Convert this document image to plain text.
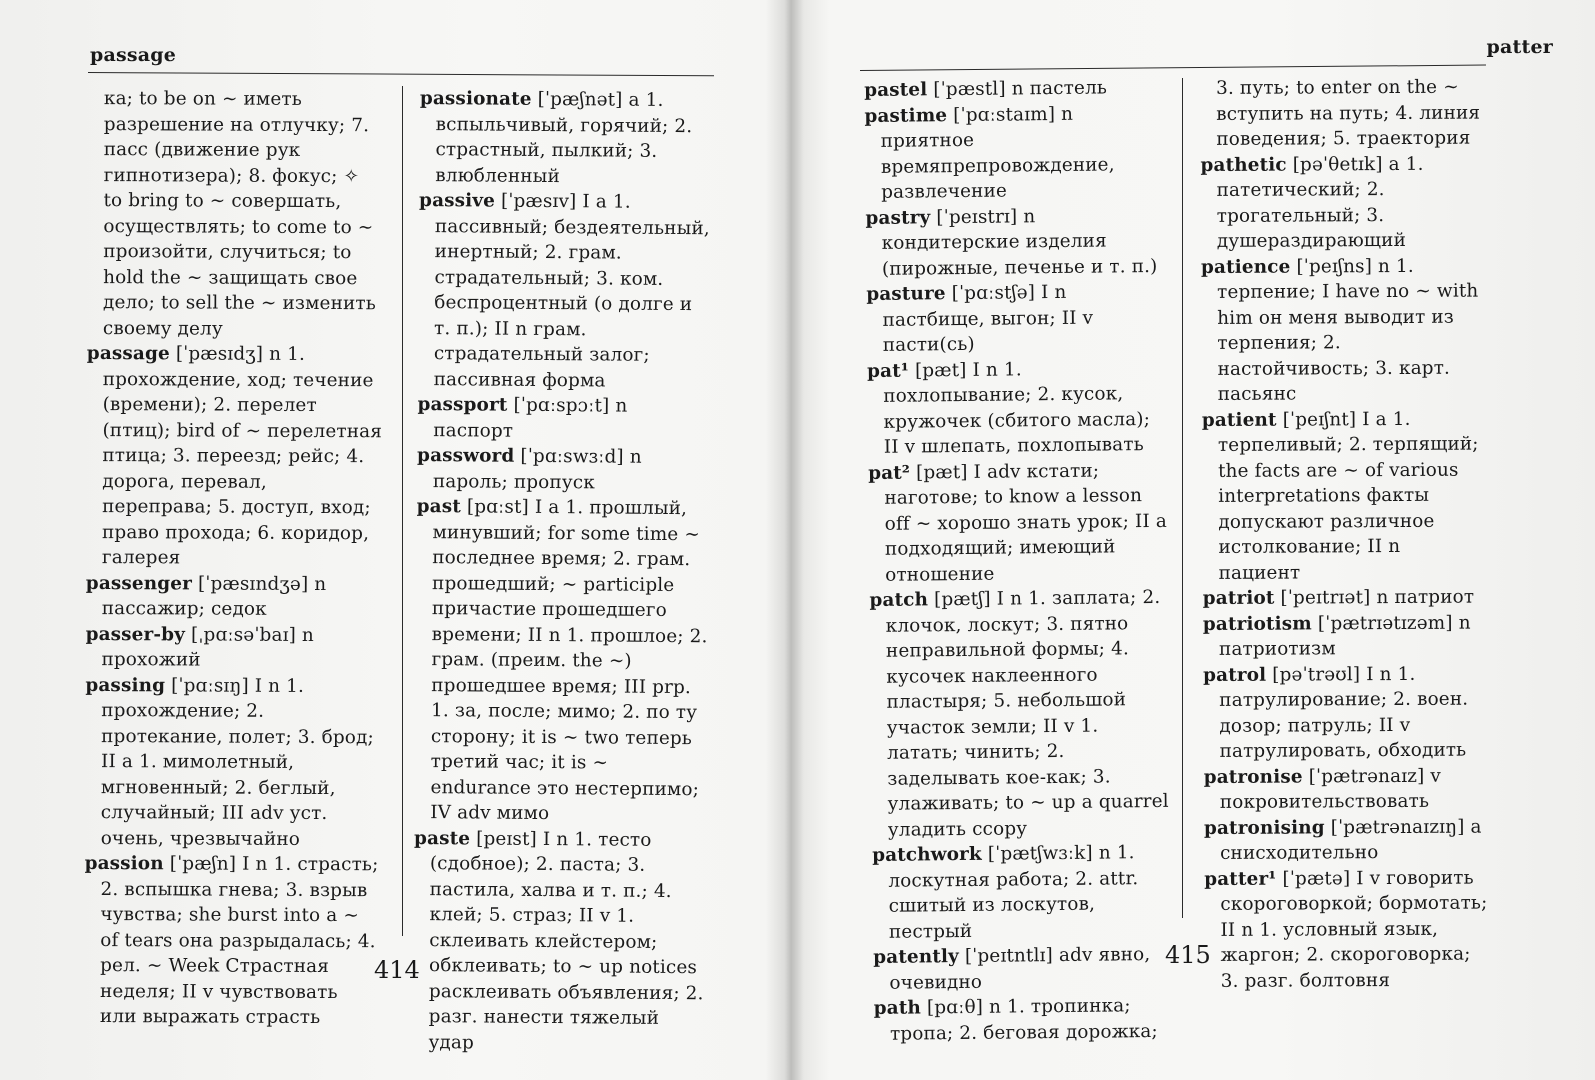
passage

ка; to be on ~ иметь разрешение на отлучку; 7. пасс (движение рук гипнотизера); 8. фокус; ✧ to bring to ~ совершать, осуществлять; to come to ~ произойти, случиться; to hold the ~ защищать свое дело; to sell the ~ изменить своему делу

passage [ˈpæsɪdʒ] n 1. прохождение, ход; течение (времени); 2. перелет (птиц); bird of ~ перелетная птица; 3. переезд; рейс; 4. дорога, перевал, переправа; 5. доступ, вход; право прохода; 6. коридор, галерея

passenger [ˈpæsɪndʒə] n пассажир; седок

passer-by [ˌpɑːsəˈbaɪ] n прохожий

passing [ˈpɑːsɪŋ] I n 1. прохождение; 2. протекание, полет; 3. брод; II a 1. мимолетный, мгновенный; 2. беглый, случайный; III adv уст. очень, чрезвычайно

passion [ˈpæʃn] I n 1. страсть; 2. вспышка гнева; 3. взрыв чувства; she burst into a ~ of tears она разрыдалась; 4. рел. ~ Week Страстная неделя; II v чувствовать или выражать страсть

passionate [ˈpæʃnət] a 1. вспыльчивый, горячий; 2. страстный, пылкий; 3. влюбленный

passive [ˈpæsɪv] I a 1. пассивный; бездеятельный, инертный; 2. грам. страдательный; 3. ком. беспроцентный (о долге и т. п.); II n грам. страдательный залог; пассивная форма

passport [ˈpɑːspɔːt] n паспорт

password [ˈpɑːswɜːd] n пароль; пропуск

past [pɑːst] I a 1. прошлый, минувший; for some time ~ последнее время; 2. грам. прошедший; ~ participle причастие прошедшего времени; II n 1. прошлое; 2. грам. (преим. the ~) прошедшее время; III prp. 1. за, после; мимо; 2. по ту сторону; it is ~ two теперь третий час; it is ~ endurance это нестерпимо; IV adv мимо

paste [peɪst] I n 1. тесто (сдобное); 2. паста; 3. пастила, халва и т. п.; 4. клей; 5. страз; II v 1. склеивать клейстером; обклеивать; to ~ up notices расклеивать объявления; 2. разг. нанести тяжелый удар

414
patter

pastel [ˈpæstl] n пастель

pastime [ˈpɑːstaɪm] n приятное времяпрепровождение, развлечение

pastry [ˈpeɪstrɪ] n кондитерские изделия (пирожные, печенье и т. п.)

pasture [ˈpɑːstʃə] I n пастбище, выгон; II v пасти(сь)

pat¹ [pæt] I n 1. похлопывание; 2. кусок, кружочек (сбитого масла); II v шлепать, похлопывать

pat² [pæt] I adv кстати; наготове; to know a lesson off ~ хорошо знать урок; II a подходящий; имеющий отношение

patch [pætʃ] I n 1. заплата; 2. клочок, лоскут; 3. пятно неправильной формы; 4. кусочек наклеенного пластыря; 5. небольшой участок земли; II v 1. латать; чинить; 2. заделывать кое-как; 3. улаживать; to ~ up a quarrel уладить ссору

patchwork [ˈpætʃwɜːk] n 1. лоскутная работа; 2. attr. сшитый из лоскутов, пестрый

patently [ˈpeɪtntlɪ] adv явно, очевидно

path [pɑːθ] n 1. тропинка; тропа; 2. беговая дорожка;

3. путь; to enter on the ~ вступить на путь; 4. линия поведения; 5. траектория

pathetic [pəˈθetɪk] a 1. патетический; 2. трогательный; 3. душераздирающий

patience [ˈpeɪʃns] n 1. терпение; I have no ~ with him он меня выводит из терпения; 2. настойчивость; 3. карт. пасьянс

patient [ˈpeɪʃnt] I a 1. терпеливый; 2. терпящий; the facts are ~ of various interpretations факты допускают различное истолкование; II n пациент

patriot [ˈpeɪtrɪət] n патриот

patriotism [ˈpætrɪətɪzəm] n патриотизм

patrol [pəˈtrəʊl] I n 1. патрулирование; 2. воен. дозор; патруль; II v патрулировать, обходить

patronise [ˈpætrənaɪz] v покровительствовать

patronising [ˈpætrənaɪzɪŋ] a снисходительно

patter¹ [ˈpætə] I v говорить скороговоркой; бормотать; II n 1. условный язык, жаргон; 2. скороговорка; 3. разг. болтовня

415
